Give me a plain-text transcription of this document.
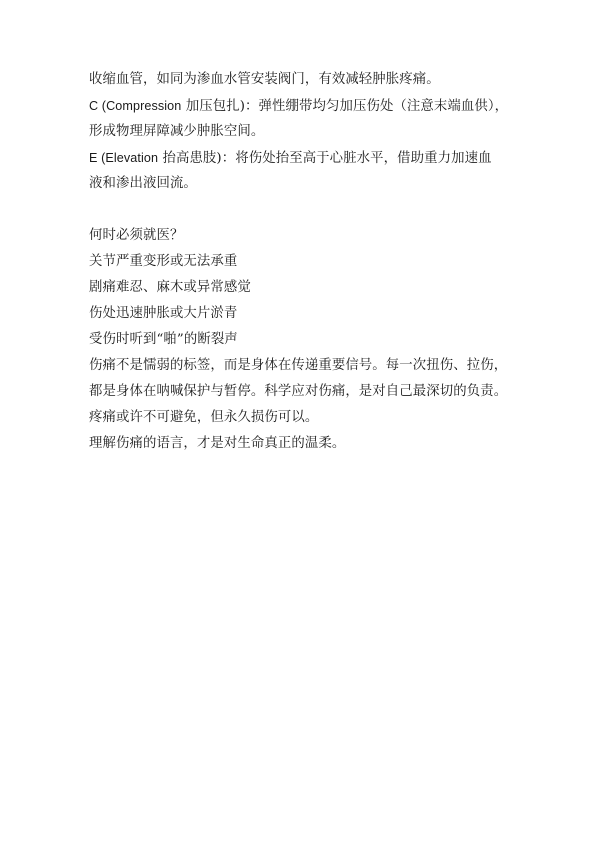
收缩血管，如同为渗血水管安装阀门，有效减轻肿胀疼痛。
C (Compression 加压包扎)：弹性绷带均匀加压伤处（注意末端血供），
形成物理屏障减少肿胀空间。
E (Elevation 抬高患肢)：将伤处抬至高于心脏水平，借助重力加速血
液和渗出液回流。
何时必须就医？
关节严重变形或无法承重
剧痛难忍、麻木或异常感觉
伤处迅速肿胀或大片淤青
受伤时听到“啪”的断裂声
伤痛不是懦弱的标签，而是身体在传递重要信号。每一次扭伤、拉伤，
都是身体在呐喊保护与暂停。科学应对伤痛，是对自己最深切的负责。
疼痛或许不可避免，但永久损伤可以。
理解伤痛的语言，才是对生命真正的温柔。
